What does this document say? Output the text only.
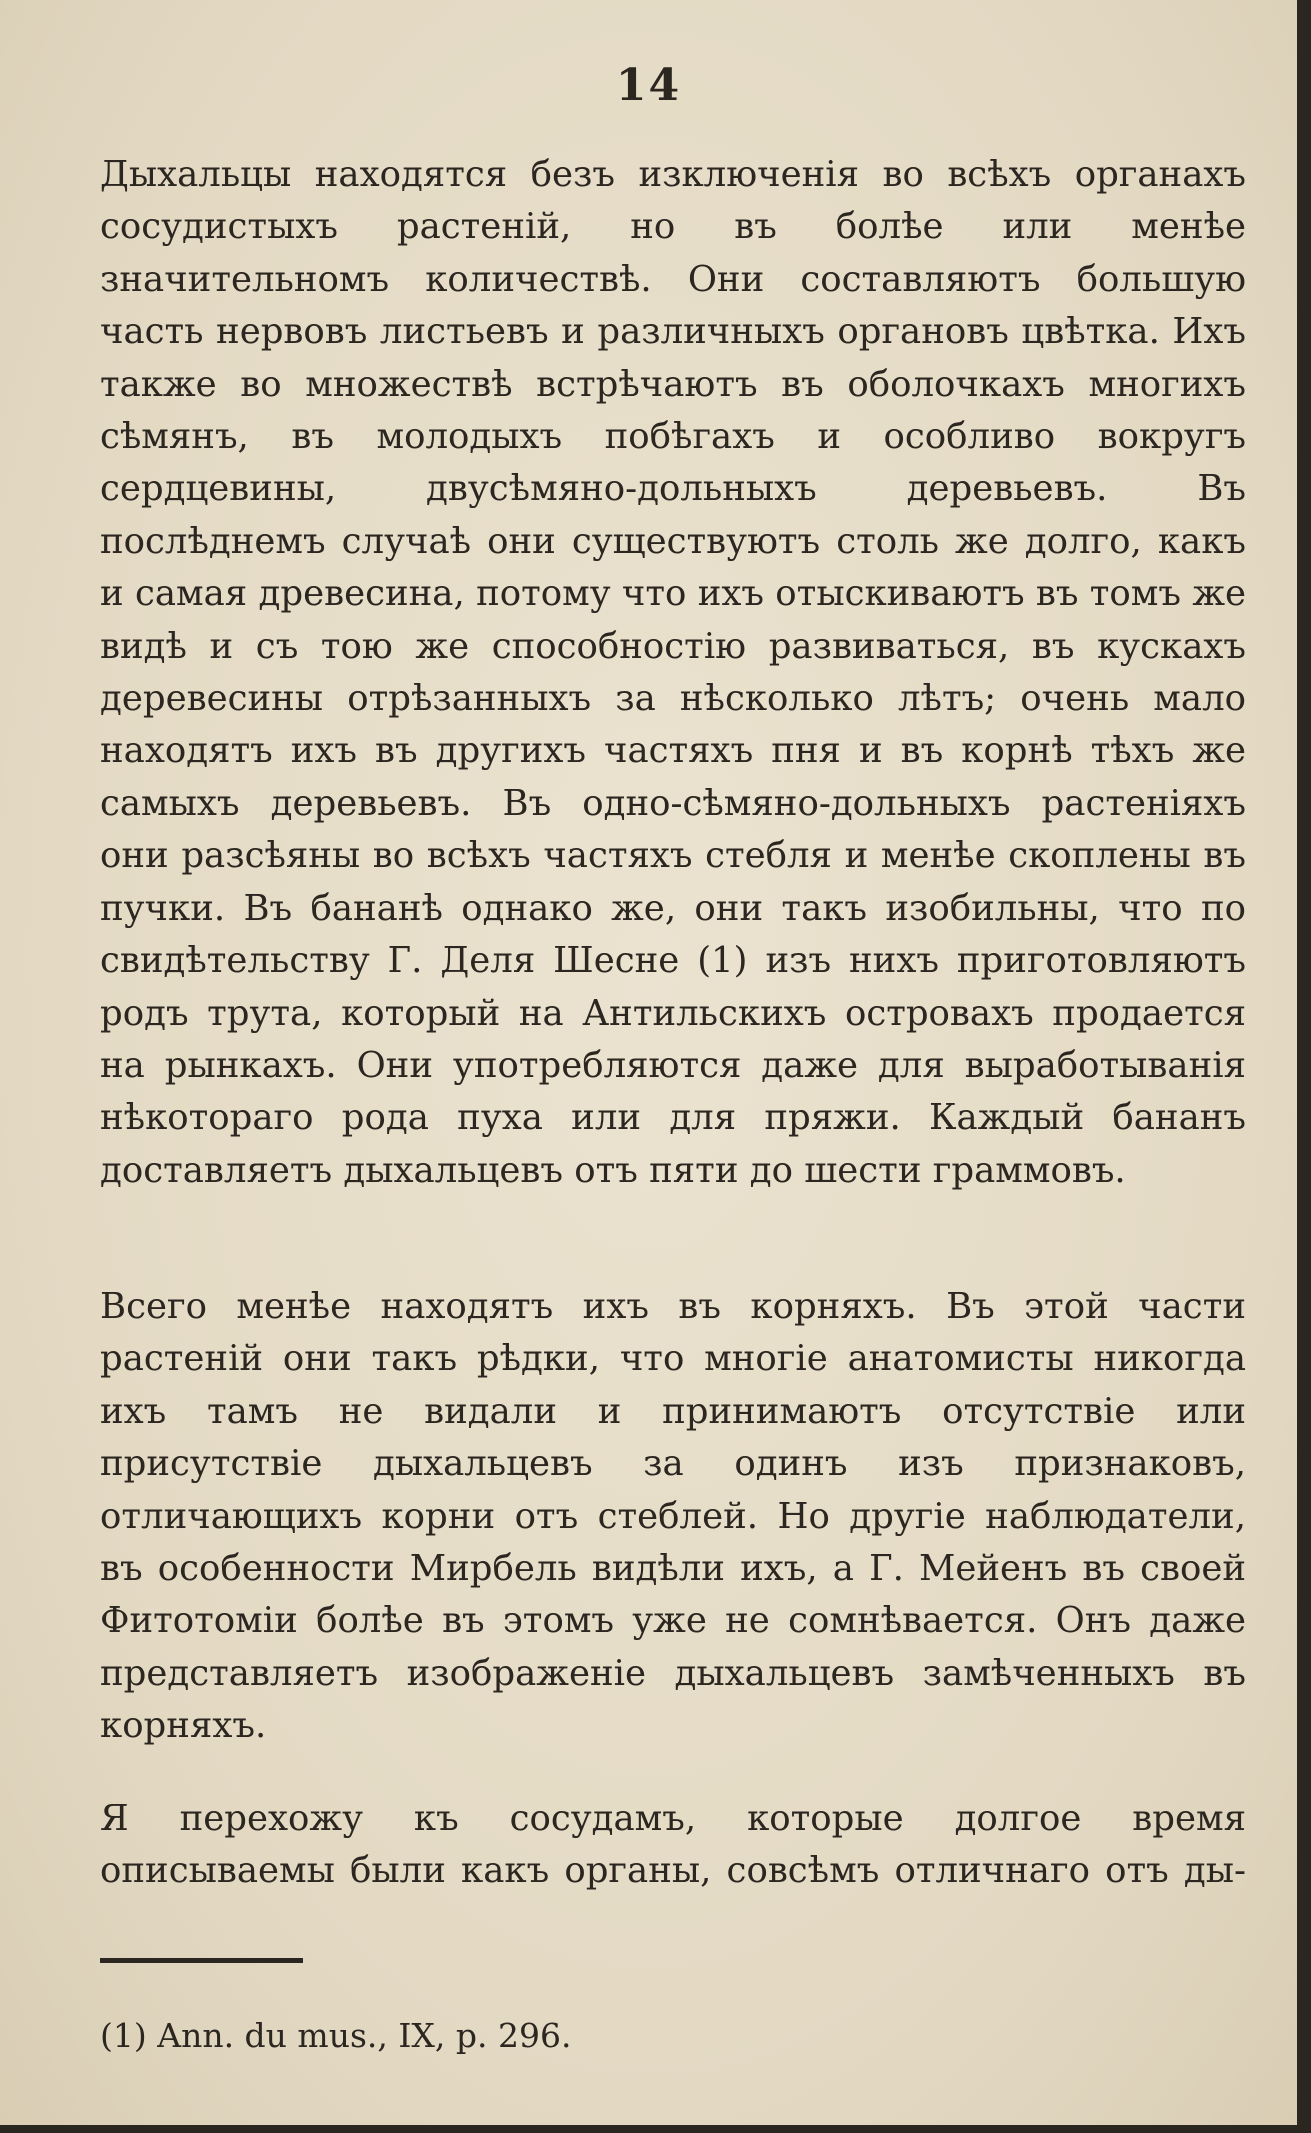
14
Дыхальцы находятся безъ изключенія во всѣхъ органахъ сосудистыхъ растеній, но въ болѣе или менѣе значительномъ количествѣ. Они составляютъ большую часть нервовъ листьевъ и различныхъ органовъ цвѣтка. Ихъ также во множествѣ встрѣчаютъ въ оболочкахъ многихъ сѣмянъ, въ молодыхъ побѣгахъ и особливо вокругъ сердцевины, двусѣмяно-дольныхъ деревьевъ. Въ послѣднемъ случаѣ они существуютъ столь же долго, какъ и самая древесина, потому что ихъ отыскиваютъ въ томъ же видѣ и съ тою же способностію развиваться, въ кускахъ деревесины отрѣзанныхъ за нѣсколько лѣтъ; очень мало находятъ ихъ въ другихъ частяхъ пня и въ корнѣ тѣхъ же самыхъ деревьевъ. Въ одно-сѣмяно-дольныхъ растеніяхъ они разсѣяны во всѣхъ частяхъ стебля и менѣе скоплены въ пучки. Въ бананѣ однако же, они такъ изобильны, что по свидѣтельству Г. Деля Шесне (1) изъ нихъ приготовляютъ родъ трута, который на Антильскихъ островахъ продается на рынкахъ. Они употребляются даже для выработыванія нѣкотораго рода пуха или для пряжи. Каждый бананъ доставляетъ дыхальцевъ отъ пяти до шести граммовъ.
Всего менѣе находятъ ихъ въ корняхъ. Въ этой части растеній они такъ рѣдки, что многіе анатомисты никогда ихъ тамъ не видали и принимаютъ отсутствіе или присутствіе дыхальцевъ за одинъ изъ признаковъ, отличающихъ корни отъ стеблей. Но другіе наблюдатели, въ особенности Мирбель видѣли ихъ, а Г. Мейенъ въ своей Фитотоміи болѣе въ этомъ уже не сомнѣвается. Онъ даже представляетъ изображеніе дыхальцевъ замѣченныхъ въ корняхъ.
Я перехожу къ сосудамъ, которые долгое время описываемы были какъ органы, совсѣмъ отличнаго отъ ды-
(1) Ann. du mus., IX, p. 296.
